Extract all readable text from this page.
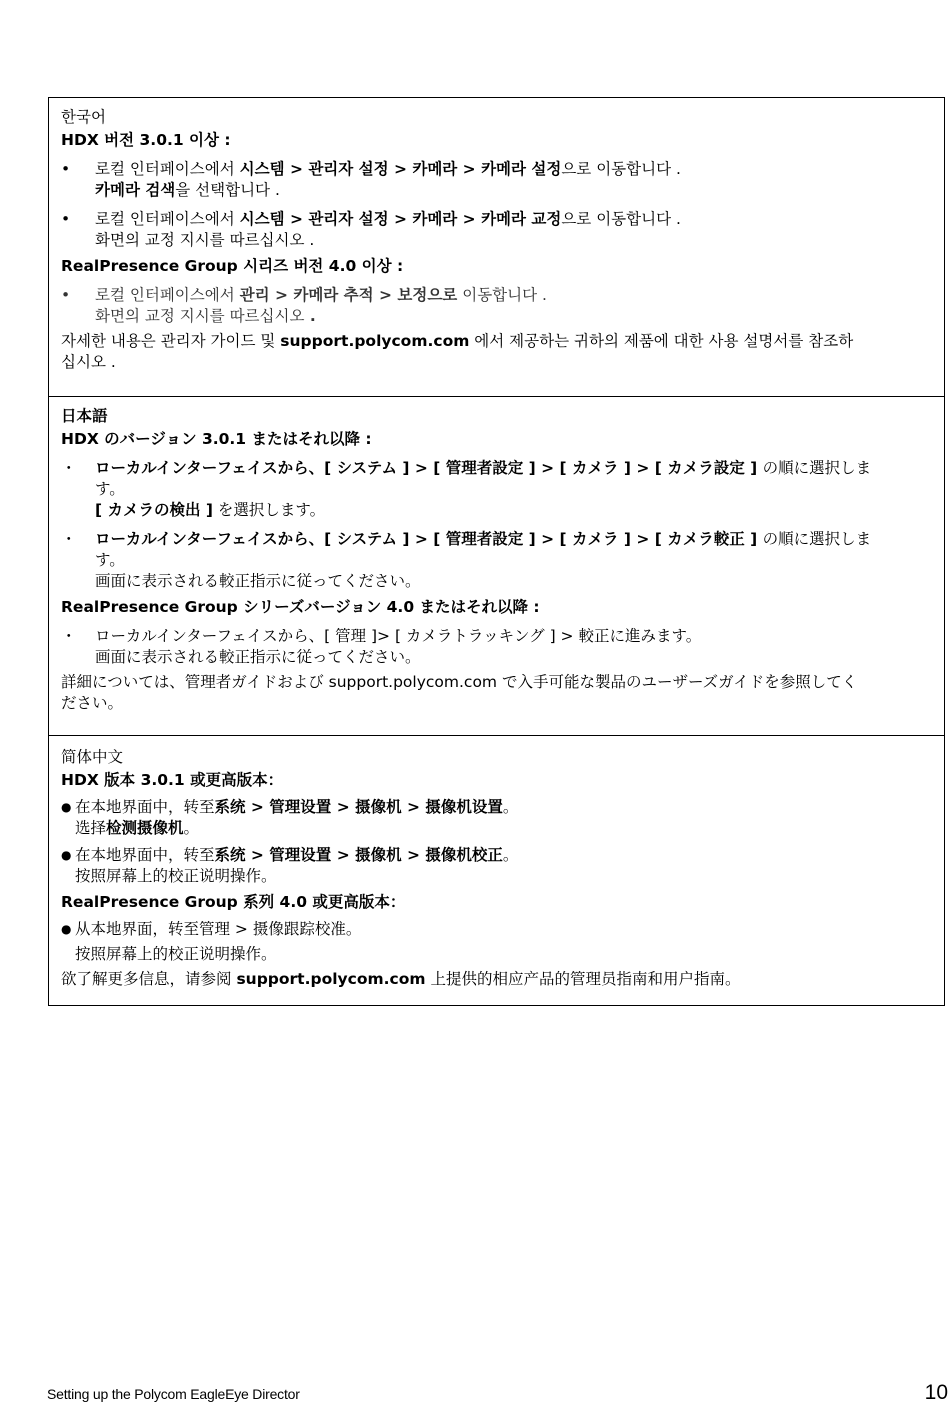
한국어
HDX 버전 3.0.1 이상 :
•	로컬 인터페이스에서 시스템 > 관리자 설정 > 카메라 > 카메라 설정으로 이동합니다 .
카메라 검색을 선택합니다 .
•	로컬 인터페이스에서 시스템 > 관리자 설정 > 카메라 > 카메라 교정으로 이동합니다 .
화면의 교정 지시를 따르십시오 .
RealPresence Group 시리즈 버전 4.0 이상 :
•	로컬 인터페이스에서 관리 > 카메라 추적 > 보정으로 이동합니다 .
화면의 교정 지시를 따르십시오 .
자세한 내용은 관리자 가이드 및 support.polycom.com 에서 제공하는 귀하의 제품에 대한 사용 설명서를 참조하
십시오 .
日本語
HDX のバージョン 3.0.1 またはそれ以降 :
・ ローカルインターフェイスから、[ システム ] > [ 管理者設定 ] > [ カメラ ] > [ カメラ設定 ] の順に選択しま
す。
[ カメラの検出 ] を選択します。
・ ローカルインターフェイスから、[ システム ] > [ 管理者設定 ] > [ カメラ ] > [ カメラ較正 ] の順に選択しま
す。
画面に表示される較正指示に従ってください。
RealPresence Group シリーズバージョン 4.0 またはそれ以降 :
・ ローカルインターフェイスから、[ 管理 ]> [ カメラトラッキング ] > 較正に進みます。
画面に表示される較正指示に従ってください。
詳細については、管理者ガイドおよび support.polycom.com で入手可能な製品のユーザーズガイドを参照してく
ださい。
简体中文
HDX 版本 3.0.1 或更高版本：
● 在本地界面中，转至系统 > 管理设置 > 摄像机 > 摄像机设置。
选择检测摄像机。
● 在本地界面中，转至系统 > 管理设置 > 摄像机 > 摄像机校正。
按照屏幕上的校正说明操作。
RealPresence Group 系列 4.0 或更高版本：
● 从本地界面，转至管理 > 摄像跟踪校准。
按照屏幕上的校正说明操作。
欲了解更多信息，请参阅 support.polycom.com 上提供的相应产品的管理员指南和用户指南。
Setting up the Polycom EagleEye Director	10
